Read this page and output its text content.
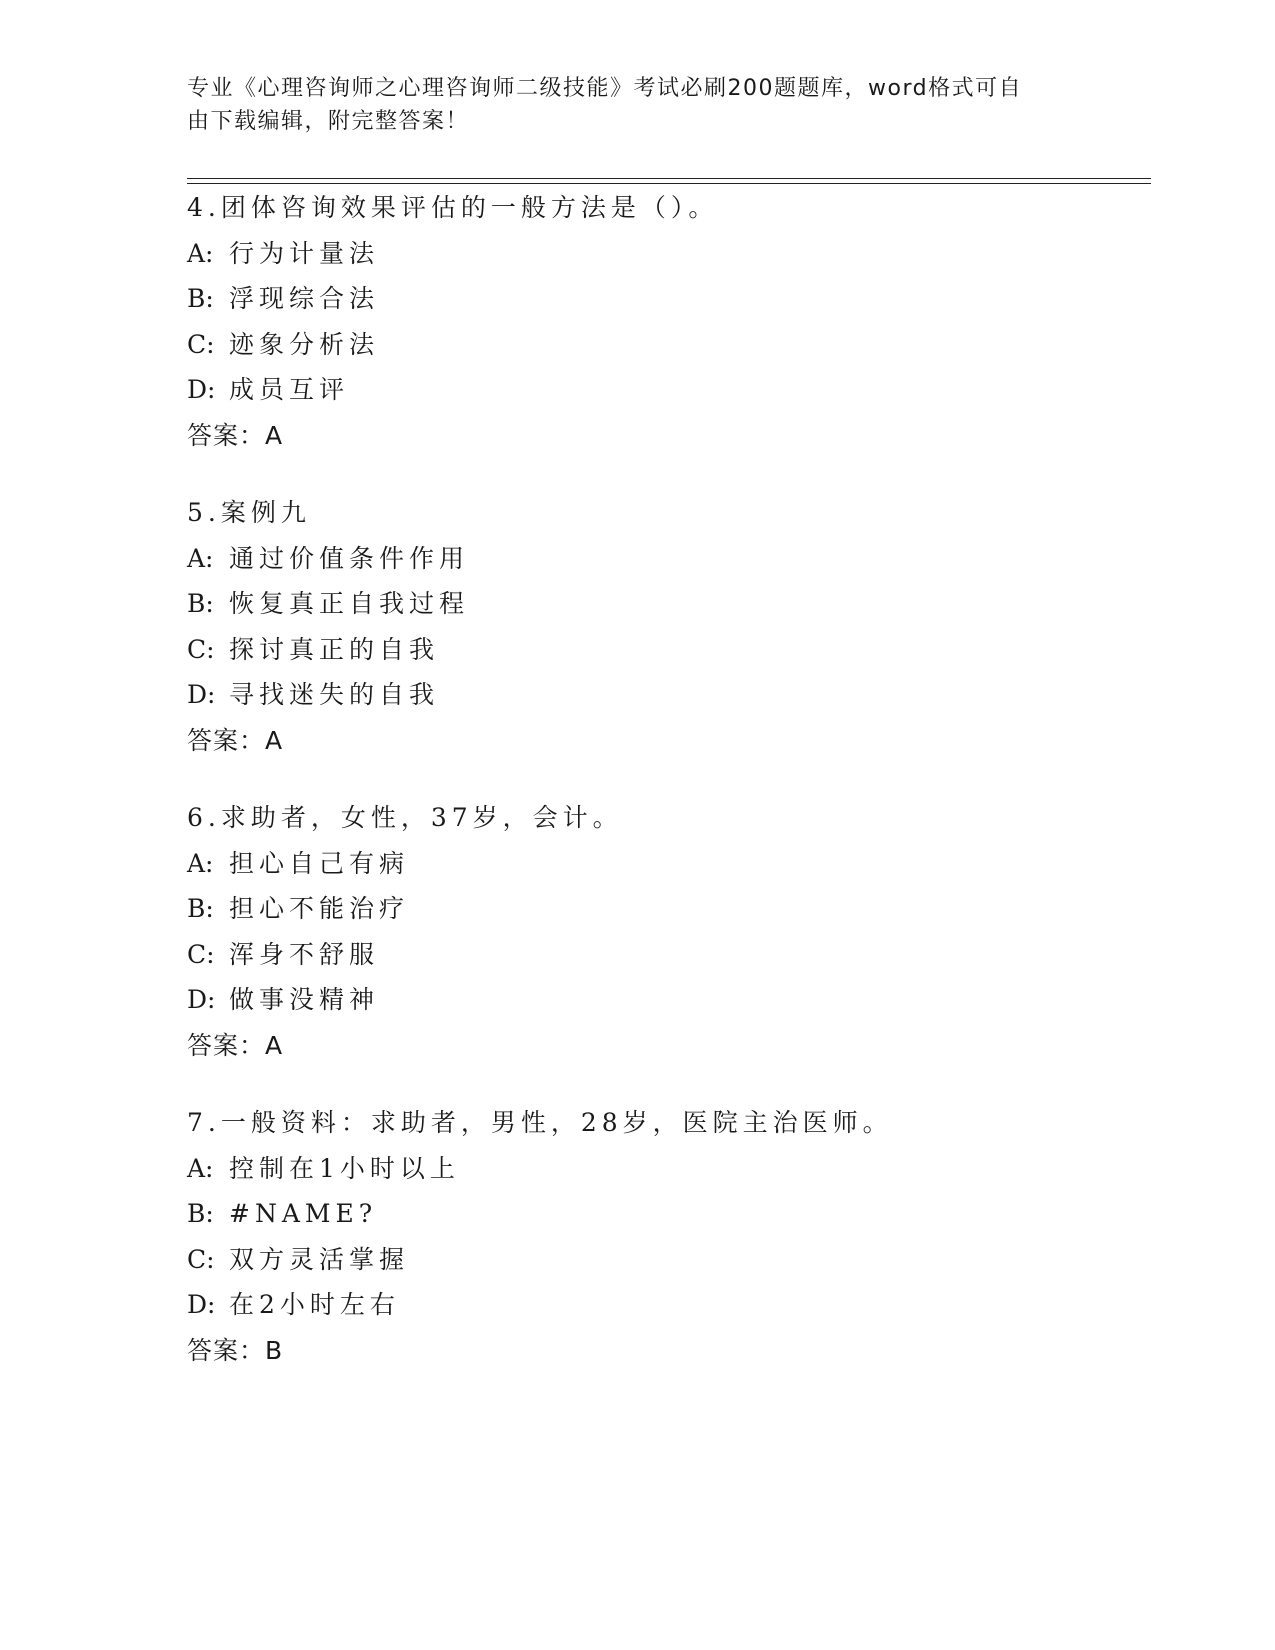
专业《心理咨询师之心理咨询师二级技能》考试必刷200题题库，word格式可自
由下载编辑，附完整答案！
4.团体咨询效果评估的一般方法是（）。
A: 行为计量法
B: 浮现综合法
C: 迹象分析法
D: 成员互评
答案：A
5.案例九
A: 通过价值条件作用
B: 恢复真正自我过程
C: 探讨真正的自我
D: 寻找迷失的自我
答案：A
6.求助者，女性，37岁，会计。
A: 担心自己有病
B: 担心不能治疗
C: 浑身不舒服
D: 做事没精神
答案：A
7.一般资料：求助者，男性，28岁，医院主治医师。
A: 控制在1小时以上
B: #NAME?
C: 双方灵活掌握
D: 在2小时左右
答案：B
